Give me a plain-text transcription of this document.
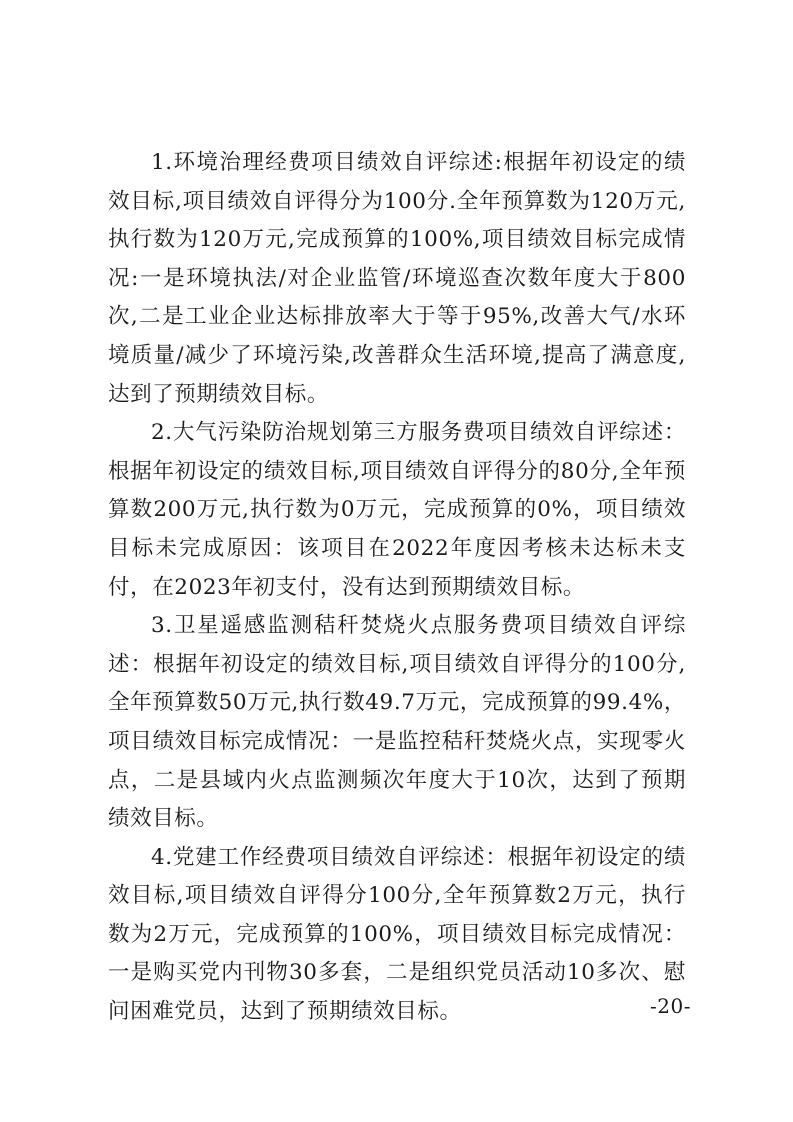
1.环境治理经费项目绩效自评综述:根据年初设定的绩效目标,项目绩效自评得分为100分.全年预算数为120万元,执行数为120万元,完成预算的100%,项目绩效目标完成情况:一是环境执法/对企业监管/环境巡查次数年度大于800次,二是工业企业达标排放率大于等于95%,改善大气/水环境质量/减少了环境污染,改善群众生活环境,提高了满意度,达到了预期绩效目标。

2.大气污染防治规划第三方服务费项目绩效自评综述：根据年初设定的绩效目标,项目绩效自评得分的80分,全年预算数200万元,执行数为0万元，完成预算的0%，项目绩效目标未完成原因：该项目在2022年度因考核未达标未支付，在2023年初支付，没有达到预期绩效目标。

3.卫星遥感监测秸秆焚烧火点服务费项目绩效自评综述：根据年初设定的绩效目标,项目绩效自评得分的100分,全年预算数50万元,执行数49.7万元，完成预算的99.4%，项目绩效目标完成情况：一是监控秸秆焚烧火点，实现零火点，二是县域内火点监测频次年度大于10次，达到了预期绩效目标。

4.党建工作经费项目绩效自评综述：根据年初设定的绩效目标,项目绩效自评得分100分,全年预算数2万元，执行数为2万元，完成预算的100%，项目绩效目标完成情况：一是购买党内刊物30多套，二是组织党员活动10多次、慰问困难党员，达到了预期绩效目标。	-20-
